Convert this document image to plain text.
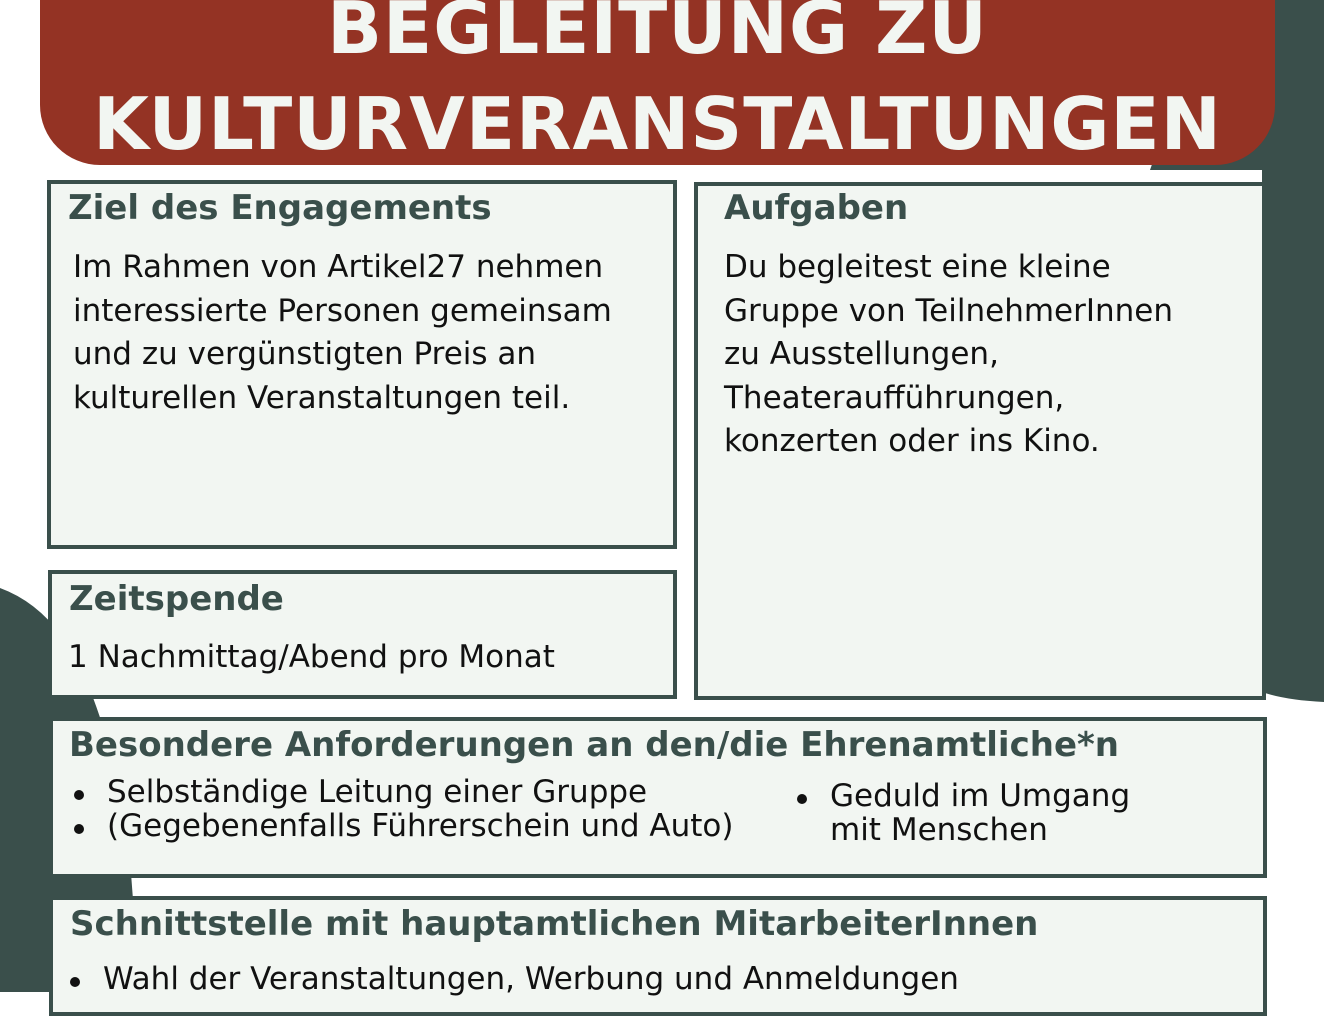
BEGLEITUNG ZU
KULTURVERANSTALTUNGEN
Ziel des Engagements
Im Rahmen von Artikel27 nehmen
interessierte Personen gemeinsam
und zu vergünstigten Preis an
kulturellen Veranstaltungen teil.
Aufgaben
Du begleitest eine kleine
Gruppe von TeilnehmerInnen
zu Ausstellungen,
Theateraufführungen,
konzerten oder ins Kino.
Zeitspende
1 Nachmittag/Abend pro Monat
Besondere Anforderungen an den/die Ehrenamtliche*n
Selbständige Leitung einer Gruppe
(Gegebenenfalls Führerschein und Auto)
Geduld im Umgang
mit Menschen
Schnittstelle mit hauptamtlichen MitarbeiterInnen
Wahl der Veranstaltungen, Werbung und Anmeldungen
